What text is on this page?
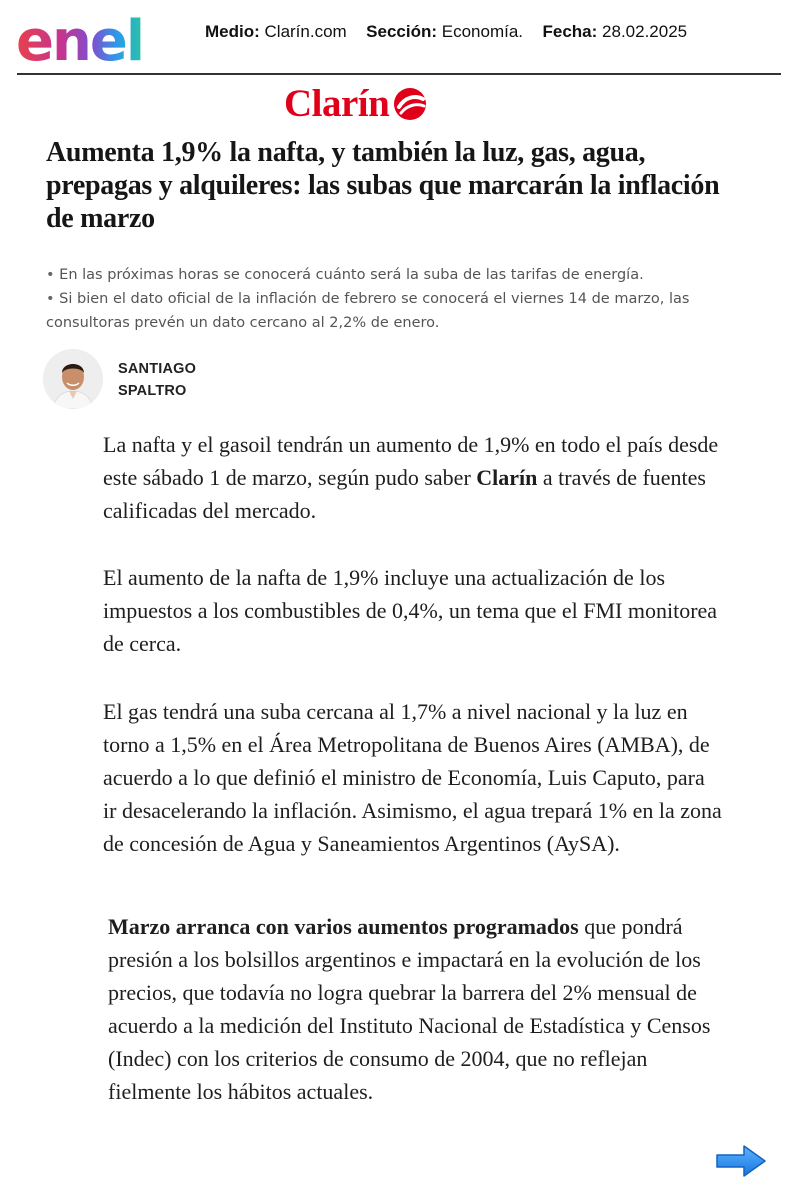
enel	Medio: Clarín.com Sección: Economía. Fecha: 28.02.2025
Clarín
Aumenta 1,9% la nafta, y también la luz, gas, agua, prepagas y alquileres: las subas que marcarán la inflación de marzo
• En las próximas horas se conocerá cuánto será la suba de las tarifas de energía.
• Si bien el dato oficial de la inflación de febrero se conocerá el viernes 14 de marzo, las consultoras prevén un dato cercano al 2,2% de enero.
SANTIAGO
SPALTRO

La nafta y el gasoil tendrán un aumento de 1,9% en todo el país desde este sábado 1 de marzo, según pudo saber Clarín a través de fuentes calificadas del mercado.

El aumento de la nafta de 1,9% incluye una actualización de los impuestos a los combustibles de 0,4%, un tema que el FMI monitorea de cerca.

El gas tendrá una suba cercana al 1,7% a nivel nacional y la luz en torno a 1,5% en el Área Metropolitana de Buenos Aires (AMBA), de acuerdo a lo que definió el ministro de Economía, Luis Caputo, para ir desacelerando la inflación. Asimismo, el agua trepará 1% en la zona de concesión de Agua y Saneamientos Argentinos (AySA).

Marzo arranca con varios aumentos programados que pondrá presión a los bolsillos argentinos e impactará en la evolución de los precios, que todavía no logra quebrar la barrera del 2% mensual de acuerdo a la medición del Instituto Nacional de Estadística y Censos (Indec) con los criterios de consumo de 2004, que no reflejan fielmente los hábitos actuales.
